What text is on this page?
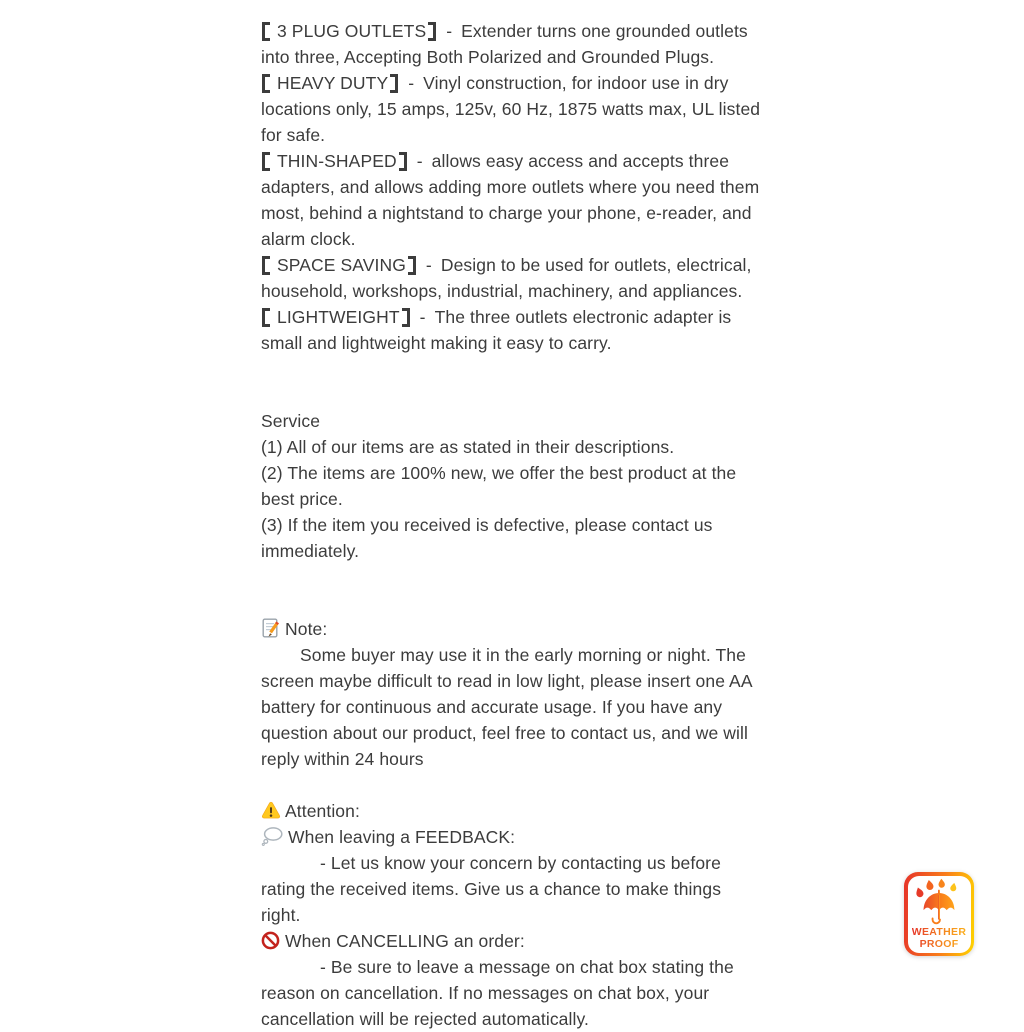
3 PLUG OUTLETS - Extender turns one grounded outlets into three, Accepting Both Polarized and Grounded Plugs.

HEAVY DUTY - Vinyl construction, for indoor use in dry locations only, 15 amps, 125v, 60 Hz, 1875 watts max, UL listed for safe.

THIN-SHAPED - allows easy access and accepts three adapters, and allows adding more outlets where you need them most, behind a nightstand to charge your phone, e-reader, and alarm clock.

SPACE SAVING - Design to be used for outlets, electrical, household, workshops, industrial, machinery, and appliances.

LIGHTWEIGHT - The three outlets electronic adapter is small and lightweight making it easy to carry.

Service

(1) All of our items are as stated in their descriptions.

(2) The items are 100% new, we offer the best product at the best price.

(3) If the item you received is defective, please contact us immediately.

Note:

Some buyer may use it in the early morning or night. The screen maybe difficult to read in low light, please insert one AA battery for continuous and accurate usage. If you have any question about our product, feel free to contact us, and we will reply within 24 hours

Attention:

When leaving a FEEDBACK:

- Let us know your concern by contacting us before rating the received items. Give us a chance to make things right.

When CANCELLING an order:

- Be sure to leave a message on chat box stating the reason on cancellation. If no messages on chat box, your cancellation will be rejected automatically.

WEATHER
PROOF
